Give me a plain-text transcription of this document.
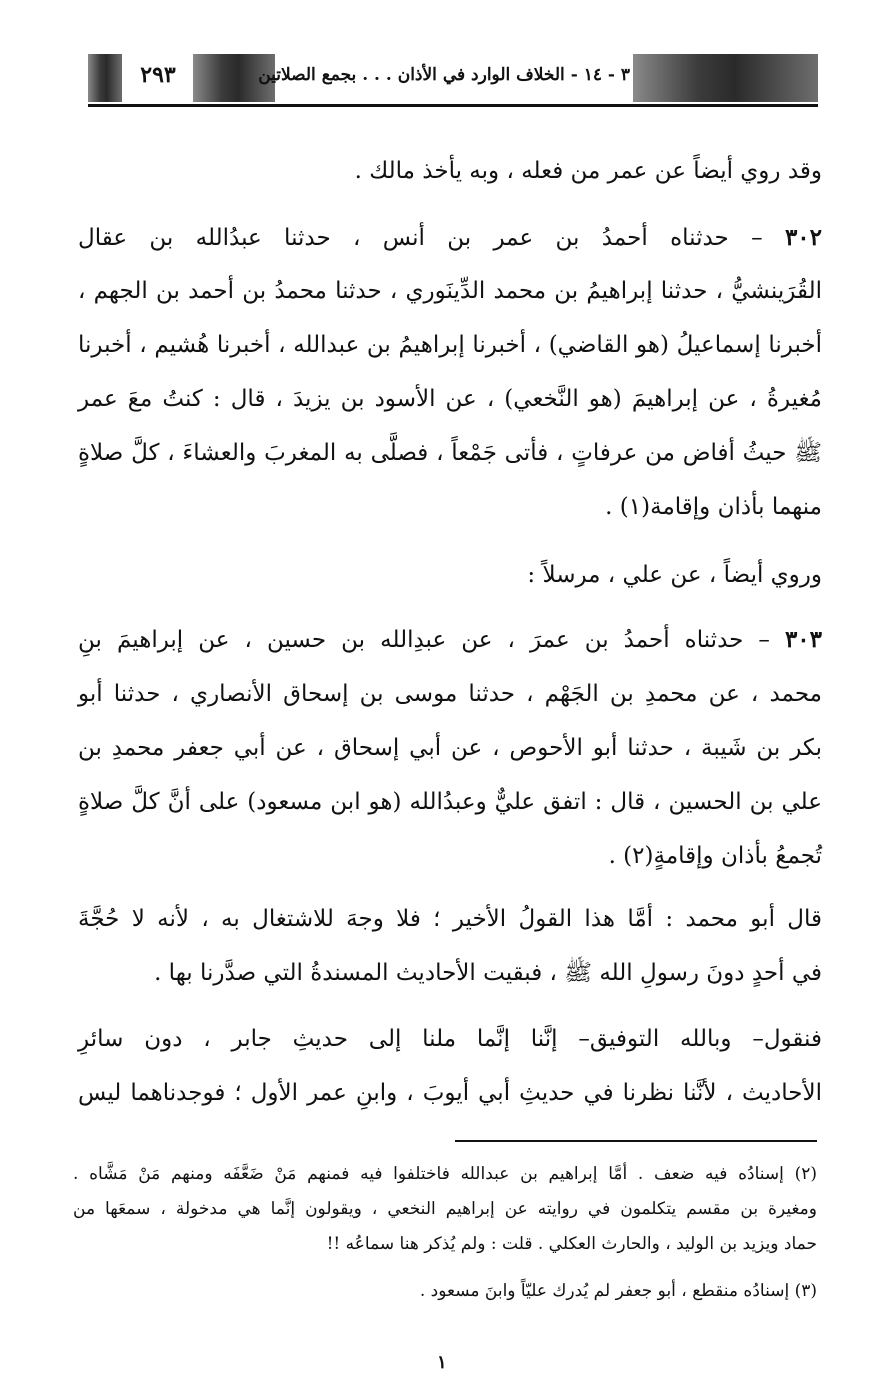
٢٩٣	٣ - ١٤ - الخلاف الوارد في الأذان . . . بجمع الصلاتين
وقد روي أيضاً عن عمر من فعله ، وبه يأخذ مالك .
٣٠٢ – حدثناه أحمدُ بن عمر بن أنس ، حدثنا عبدُالله بن عقال
القُرَينشيُّ ، حدثنا إبراهيمُ بن محمد الدِّينَوري ، حدثنا محمدُ بن أحمد بن الجهم ،
أخبرنا إسماعيلُ (هو القاضي) ، أخبرنا إبراهيمُ بن عبدالله ، أخبرنا هُشيم ، أخبرنا
مُغيرةُ ، عن إبراهيمَ (هو النَّخعي) ، عن الأسود بن يزيدَ ، قال : كنتُ معَ عمر
ﷺ حيثُ أفاض من عرفاتٍ ، فأتى جَمْعاً ، فصلَّى به المغربَ والعشاءَ ، كلَّ صلاةٍ
منهما بأذان وإقامة(١) .
وروي أيضاً ، عن علي ، مرسلاً :
٣٠٣ – حدثناه أحمدُ بن عمرَ ، عن عبدِالله بن حسين ، عن إبراهيمَ بنِ
محمد ، عن محمدِ بن الجَهْم ، حدثنا موسى بن إسحاق الأنصاري ، حدثنا أبو
بكر بن شَيبة ، حدثنا أبو الأحوص ، عن أبي إسحاق ، عن أبي جعفر محمدِ بن
علي بن الحسين ، قال : اتفق عليٌّ وعبدُالله (هو ابن مسعود) على أنَّ كلَّ صلاةٍ
تُجمعُ بأذان وإقامةٍ(٢) .
قال أبو محمد : أمَّا هذا القولُ الأخير ؛ فلا وجهَ للاشتغال به ، لأنه لا حُجَّةَ
في أحدٍ دونَ رسولِ الله ﷺ ، فبقيت الأحاديث المسندةُ التي صدَّرنا بها .
فنقول– وبالله التوفيق– إنَّنا إنَّما ملنا إلى حديثِ جابر ، دون سائرِ
الأحاديث ، لأنَّنا نظرنا في حديثِ أبي أيوبَ ، وابنِ عمر الأول ؛ فوجدناهما ليس
(٢) إسنادُه فيه ضعف . أمَّا إبراهيم بن عبدالله فاختلفوا فيه فمنهم مَنْ ضَعَّفَه ومنهم مَنْ مَشَّاه .
ومغيرة بن مقسم يتكلمون في روايته عن إبراهيم النخعي ، ويقولون إنَّما هي مدخولة ، سمعَها من
حماد ويزيد بن الوليد ، والحارث العكلي . قلت : ولم يُذكر هنا سماعُه !!
(٣) إسنادُه منقطع ، أبو جعفر لم يُدرك عليّاً وابنَ مسعود .
١
